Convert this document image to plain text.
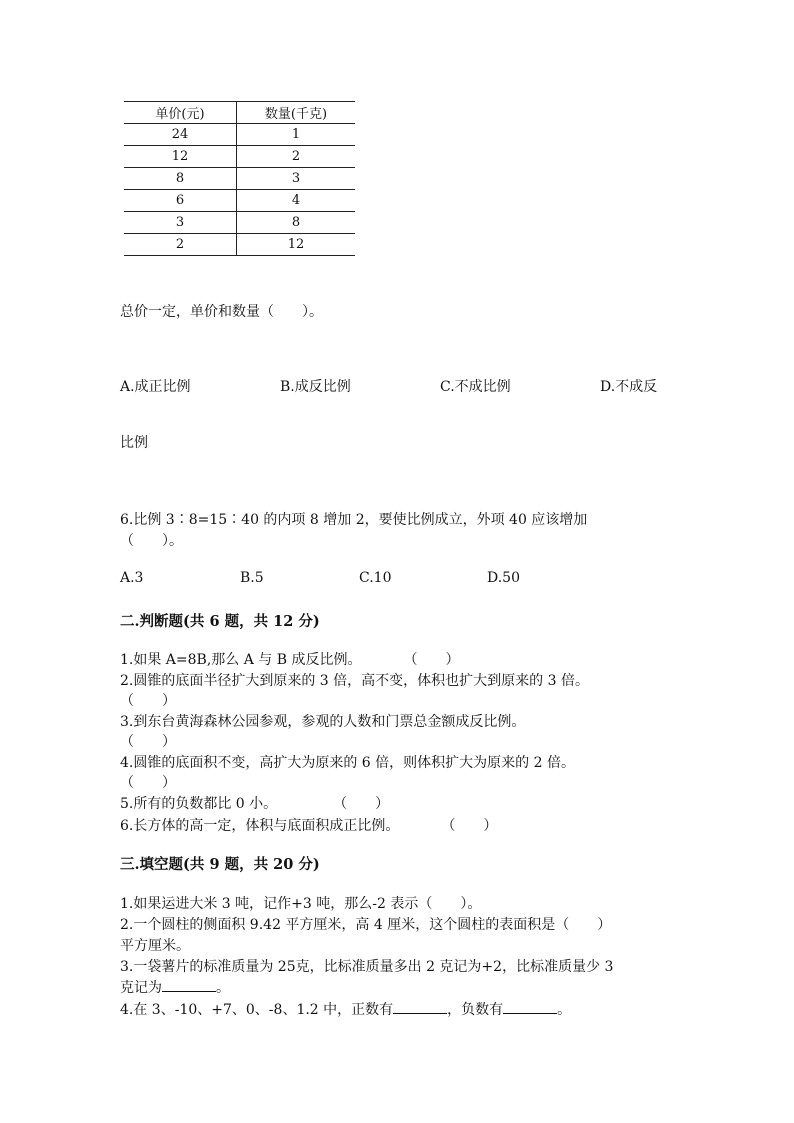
单价(元)	数量(千克)
24	1
12	2
8	3
6	4
3	8
2	12
总价一定，单价和数量（　　）。
A.成正比例	B.成反比例	C.不成比例	D.不成反
比例
6.比例 3∶8=15∶40 的内项 8 增加 2，要使比例成立，外项 40 应该增加
（　　）。
A.3	B.5	C.10	D.50
二.判断题(共 6 题，共 12 分)
1.如果 A=8B,那么 A 与 B 成反比例。　　　　（　　）
2.圆锥的底面半径扩大到原来的 3 倍，高不变，体积也扩大到原来的 3 倍。
（　　）
3.到东台黄海森林公园参观，参观的人数和门票总金额成反比例。
（　　）
4.圆锥的底面积不变，高扩大为原来的 6 倍，则体积扩大为原来的 2 倍。
（　　）
5.所有的负数都比 0 小。　　　　　（　　）
6.长方体的高一定，体积与底面积成正比例。　　　　（　　）
三.填空题(共 9 题，共 20 分)
1.如果运进大米 3 吨，记作+3 吨，那么-2 表示（　　）。
2.一个圆柱的侧面积 9.42 平方厘米，高 4 厘米，这个圆柱的表面积是（　　）
平方厘米。
3.一袋薯片的标准质量为 25克，比标准质量多出 2 克记为+2，比标准质量少 3
克记为	。
4.在 3、-10、+7、0、-8、1.2 中，正数有	，负数有	。
